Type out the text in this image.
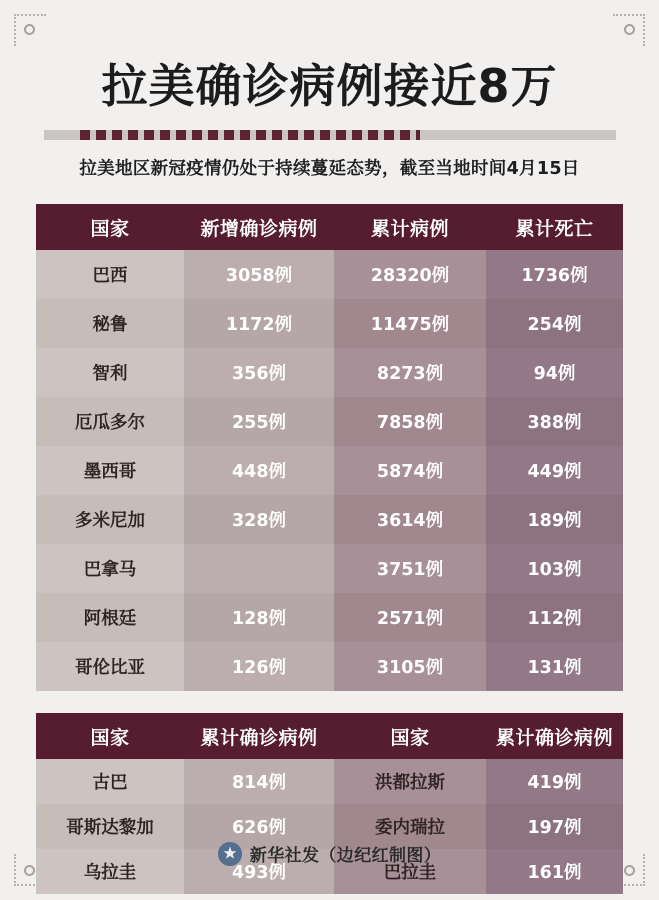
拉美确诊病例接近8万
拉美地区新冠疫情仍处于持续蔓延态势，截至当地时间4月15日
国家	新增确诊病例	累计病例	累计死亡
巴西	3058例	28320例	1736例
秘鲁	1172例	11475例	254例
智利	356例	8273例	94例
厄瓜多尔	255例	7858例	388例
墨西哥	448例	5874例	449例
多米尼加	328例	3614例	189例
巴拿马		3751例	103例
阿根廷	128例	2571例	112例
哥伦比亚	126例	3105例	131例
国家	累计确诊病例	国家	累计确诊病例
古巴	814例	洪都拉斯	419例
哥斯达黎加	626例	委内瑞拉	197例
乌拉圭	493例	巴拉圭	161例
新华社发（边纪红制图）
